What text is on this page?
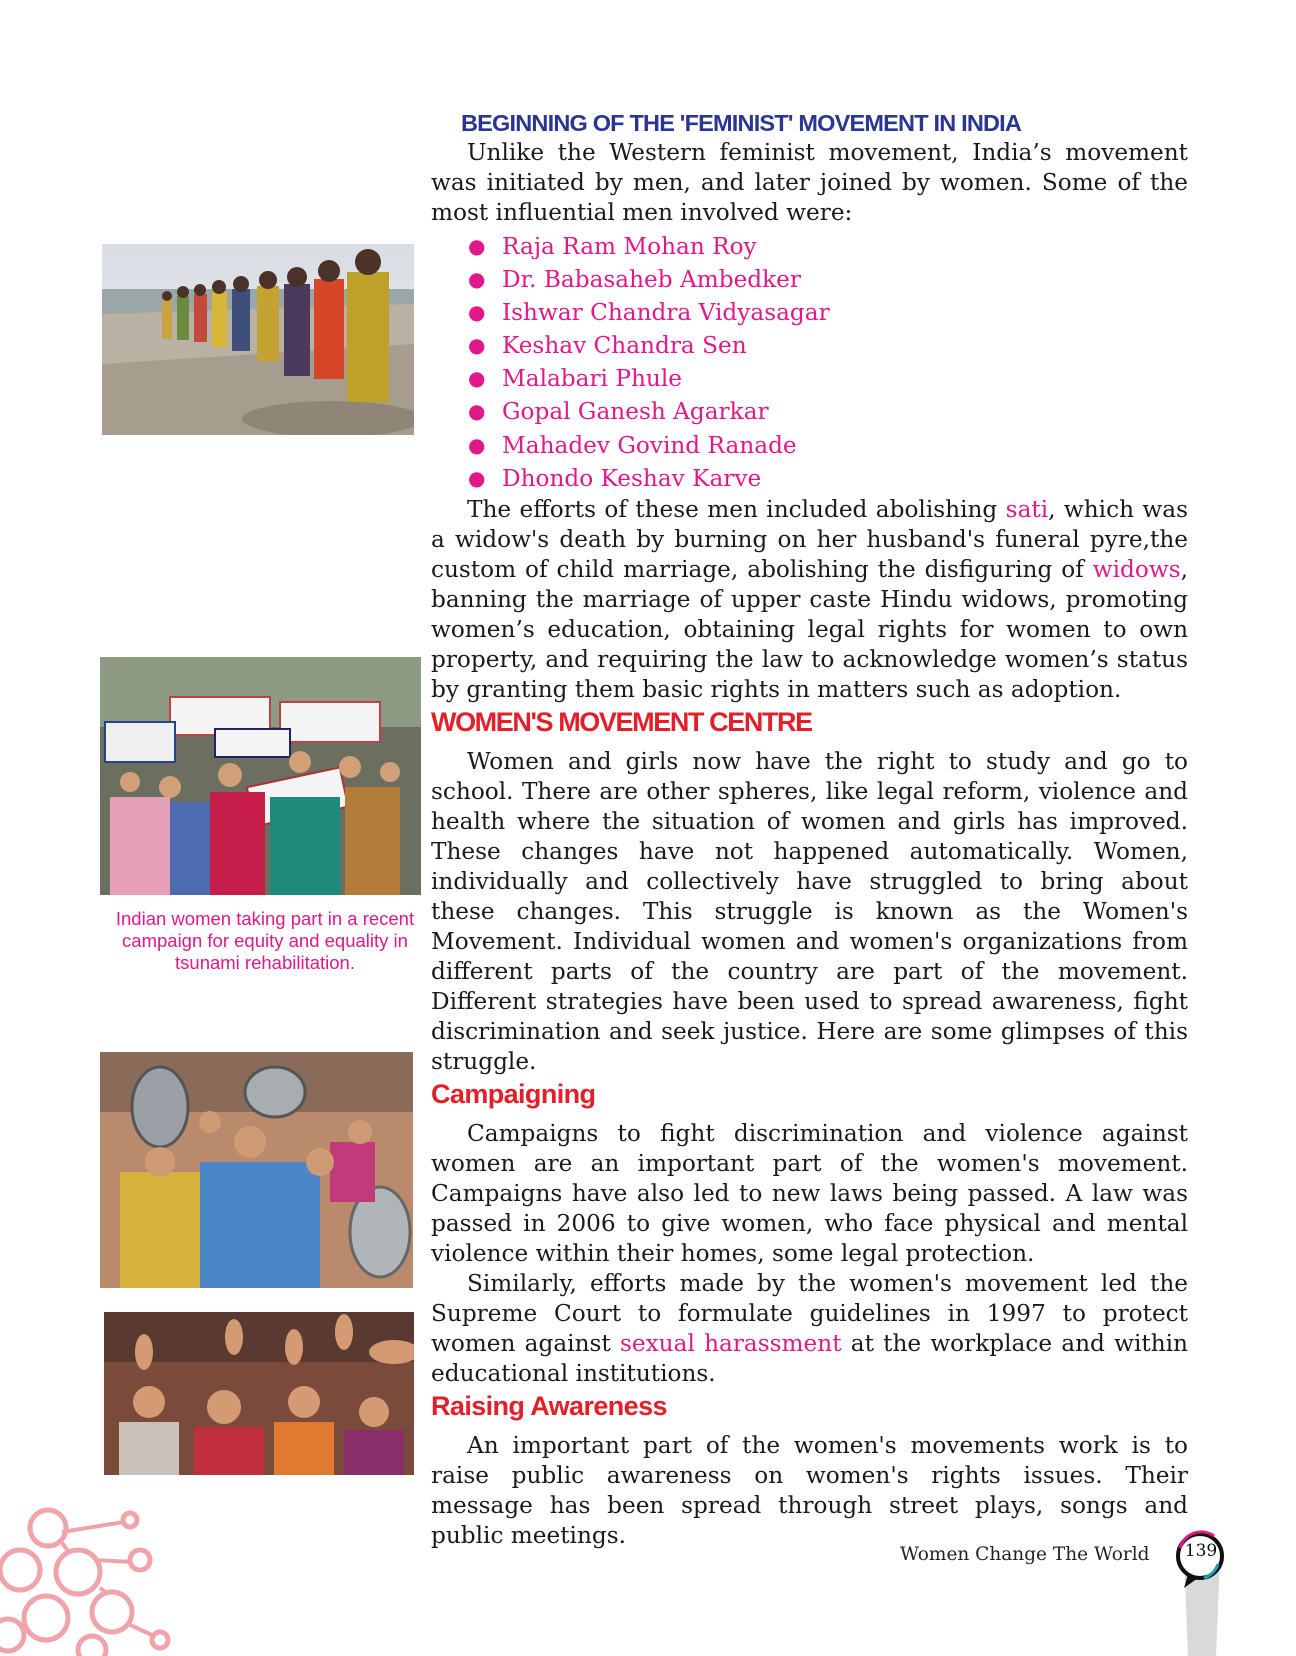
Indian women taking part in a recent campaign for equity and equality in tsunami rehabilitation.
BEGINNING OF THE 'FEMINIST' MOVEMENT IN INDIA

Unlike the Western feminist movement, India’s movement was initiated by men, and later joined by women. Some of the most influential men involved were:

● Raja Ram Mohan Roy
● Dr. Babasaheb Ambedker
● Ishwar Chandra Vidyasagar
● Keshav Chandra Sen
● Malabari Phule
● Gopal Ganesh Agarkar
● Mahadev Govind Ranade
● Dhondo Keshav Karve

The efforts of these men included abolishing sati, which was a widow's death by burning on her husband's funeral pyre,the custom of child marriage, abolishing the disfiguring of widows, banning the marriage of upper caste Hindu widows, promoting women’s education, obtaining legal rights for women to own property, and requiring the law to acknowledge women’s status by granting them basic rights in matters such as adoption.

WOMEN'S MOVEMENT CENTRE

Women and girls now have the right to study and go to school. There are other spheres, like legal reform, violence and health where the situation of women and girls has improved. These changes have not happened automatically. Women, individually and collectively have struggled to bring about these changes. This struggle is known as the Women's Movement. Individual women and women's organizations from different parts of the country are part of the movement. Different strategies have been used to spread awareness, fight discrimination and seek justice. Here are some glimpses of this struggle.

Campaigning

Campaigns to fight discrimination and violence against women are an important part of the women's movement. Campaigns have also led to new laws being passed. A law was passed in 2006 to give women, who face physical and mental violence within their homes, some legal protection.

Similarly, efforts made by the women's movement led the Supreme Court to formulate guidelines in 1997 to protect women against sexual harassment at the workplace and within educational institutions.

Raising Awareness

An important part of the women's movements work is to raise public awareness on women's rights issues. Their message has been spread through street plays, songs and public meetings.

Women Change The World	139
